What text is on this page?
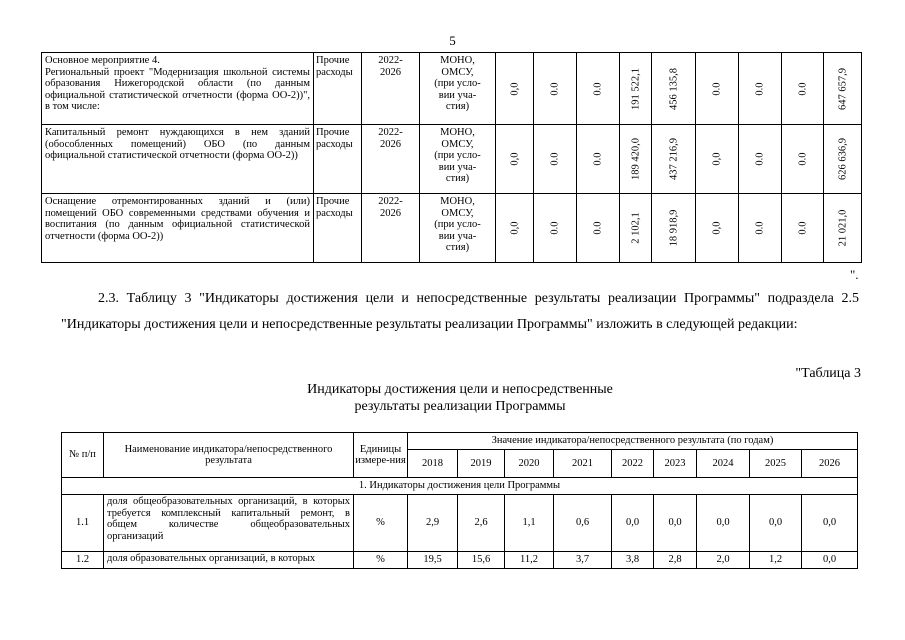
5
Основное мероприятие 4.
Региональный проект "Модернизация школьной системы образования Нижегородской области (по данным официальной статистической отчетности (форма ОО-2))", в том числе:	Прочие расходы	2022-
2026	МОНО,
ОМСУ,
(при усло-
вии уча-
стия)	0,0	0.0	0.0	191 522,1	456 135,8	0.0	0.0	0.0	647 657,9

Капитальный ремонт нуждающихся в нем зданий (обособленных помещений) ОБО (по данным официальной статистической отчетности (форма ОО-2))	Прочие расходы	2022-
2026	МОНО,
ОМСУ,
(при усло-
вии уча-
стия)	0,0	0.0	0.0	189 420,0	437 216,9	0,0	0.0	0.0	626 636,9

Оснащение отремонтированных зданий и (или) помещений ОБО современными средствами обучения и воспитания (по данным официальной статистической отчетности (форма ОО-2))	Прочие расходы	2022-
2026	МОНО,
ОМСУ,
(при усло-
вии уча-
стия)	0,0	0.0	0.0	2 102,1	18 918,9	0,0	0.0	0.0	21 021,0
".
2.3. Таблицу 3 "Индикаторы достижения цели и непосредственные результаты реализации Программы" подраздела 2.5 "Индикаторы достижения цели и непосредственные результаты реализации Программы" изложить в следующей редакции:
"Таблица 3
Индикаторы достижения цели и непосредственные
результаты реализации Программы
№ п/п	Наименование индикатора/непосредственного результата	Единицы измере-ния	Значение индикатора/непосредственного результата (по годам)								
			2018	2019	2020	2021	2022	2023	2024	2025	2026
1. Индикаторы достижения цели Программы											
1.1	доля общеобразовательных организаций, в которых требуется комплексный капитальный ремонт, в общем количестве общеобразовательных организаций	%	2,9	2,6	1,1	0,6	0,0	0,0	0,0	0,0	0,0
1.2	доля образовательных организаций, в которых	%	19,5	15,6	11,2	3,7	3,8	2,8	2,0	1,2	0,0
